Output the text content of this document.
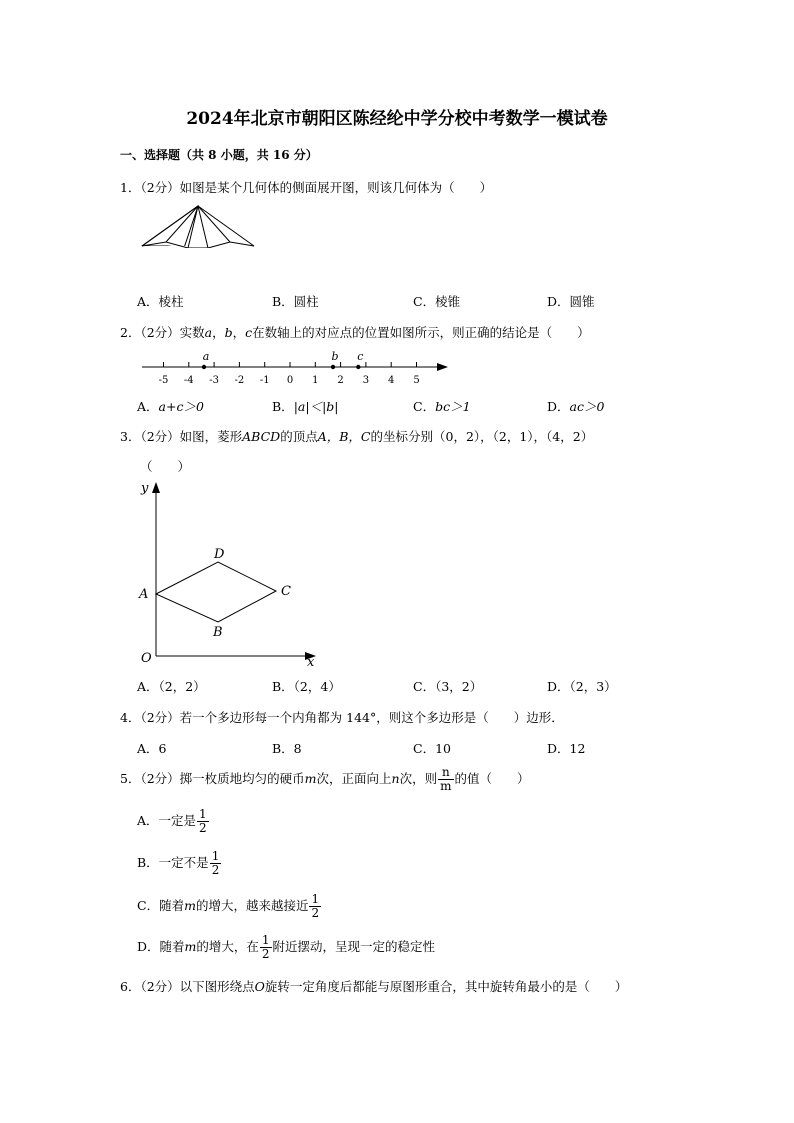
2024年北京市朝阳区陈经纶中学分校中考数学一模试卷
一、选择题（共 8 小题，共 16 分）
1．（2分）如图是某个几何体的侧面展开图，则该几何体为（　　）
A．棱柱	B．圆柱	C．棱锥	D．圆锥
2．（2分）实数a，b，c在数轴上的对应点的位置如图所示，则正确的结论是（　　）
-5 -4 -3 -2 -1 0 1 2 3 4 5
a	b c
A．a+c＞0	B．|a|＜|b|	C．bc＞1	D．ac＞0
3．（2分）如图，菱形ABCD的顶点A，B，C的坐标分别（0，2），（2，1），（4，2）
（　　）
y
x
O
A
B
C
D
A．（2，2）	B．（2，4）	C．（3，2）	D．（2，3）
4．（2分）若一个多边形每一个内角都为 144°，则这个多边形是（　　）边形．
A．6	B．8	C．10	D．12
5．（2分）掷一枚质地均匀的硬币m次，正面向上n次，则 $\frac{n}{m}$ 的值（　　）
A．一定是 $\frac{1}{2}$
B．一定不是 $\frac{1}{2}$
C．随着m的增大，越来越接近 $\frac{1}{2}$
D．随着m的增大，在 $\frac{1}{2}$ 附近摆动，呈现一定的稳定性
6．（2分）以下图形绕点O旋转一定角度后都能与原图形重合，其中旋转角最小的是（　　）
